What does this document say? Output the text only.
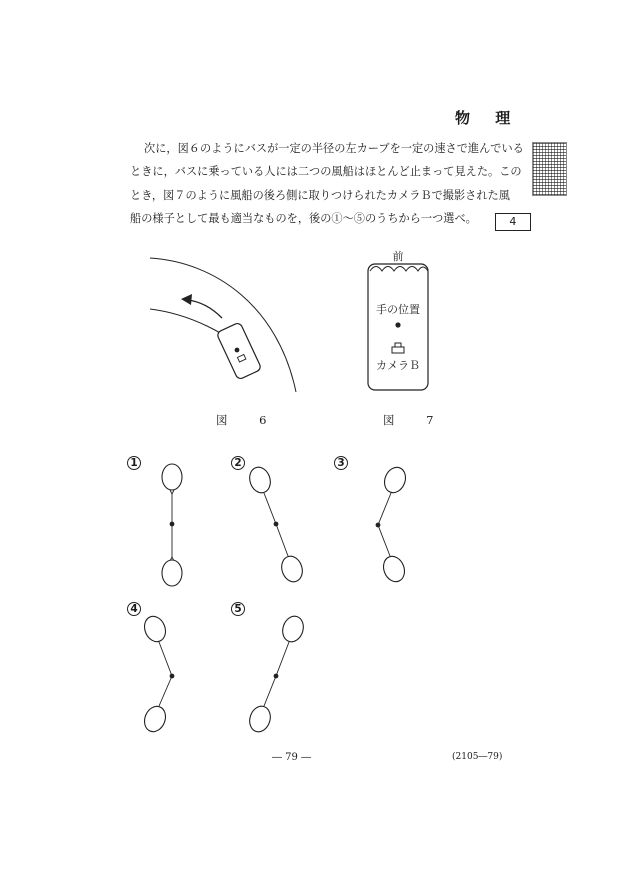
物 理

次に，図６のようにバスが一定の半径の左カーブを一定の速さで進んでいる
ときに，バスに乗っている人には二つの風船はほとんど止まって見えた。この
とき，図７のように風船の後ろ側に取りつけられたカメラＢで撮影された風
船の様子として最も適当なものを，後の①～⑤のうちから一つ選べ。	4

前
手の位置
カメラＢ
図 6	図 7
1	2	3
4	5
― 79 ―	(2105―79)
